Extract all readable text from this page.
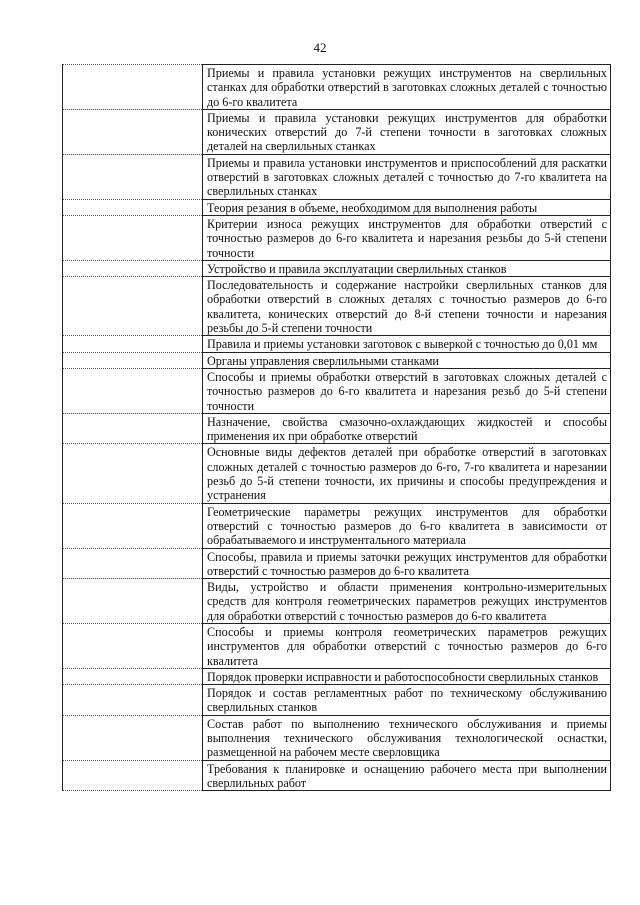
42

	Приемы и правила установки режущих инструментов на сверлильных станках для обработки отверстий в заготовках сложных деталей с точностью до 6-го квалитета

	Приемы и правила установки режущих инструментов для обработки конических отверстий до 7-й степени точности в заготовках сложных деталей на сверлильных станках

	Приемы и правила установки инструментов и приспособлений для раскатки отверстий в заготовках сложных деталей с точностью до 7-го квалитета на сверлильных станках

	Теория резания в объеме, необходимом для выполнения работы

	Критерии износа режущих инструментов для обработки отверстий с точностью размеров до 6-го квалитета и нарезания резьбы до 5-й степени точности

	Устройство и правила эксплуатации сверлильных станков

	Последовательность и содержание настройки сверлильных станков для обработки отверстий в сложных деталях с точностью размеров до 6-го квалитета, конических отверстий до 8-й степени точности и нарезания резьбы до 5-й степени точности

	Правила и приемы установки заготовок с выверкой с точностью до 0,01 мм

	Органы управления сверлильными станками

	Способы и приемы обработки отверстий в заготовках сложных деталей с точностью размеров до 6-го квалитета и нарезания резьб до 5-й степени точности

	Назначение, свойства смазочно-охлаждающих жидкостей и способы применения их при обработке отверстий

	Основные виды дефектов деталей при обработке отверстий в заготовках сложных деталей с точностью размеров до 6-го, 7-го квалитета и нарезании резьб до 5-й степени точности, их причины и способы предупреждения и устранения

	Геометрические параметры режущих инструментов для обработки отверстий с точностью размеров до 6-го квалитета в зависимости от обрабатываемого и инструментального материала

	Способы, правила и приемы заточки режущих инструментов для обработки отверстий с точностью размеров до 6-го квалитета

	Виды, устройство и области применения контрольно-измерительных средств для контроля геометрических параметров режущих инструментов для обработки отверстий с точностью размеров до 6-го квалитета

	Способы и приемы контроля геометрических параметров режущих инструментов для обработки отверстий с точностью размеров до 6-го квалитета

	Порядок проверки исправности и работоспособности сверлильных станков

	Порядок и состав регламентных работ по техническому обслуживанию сверлильных станков

	Состав работ по выполнению технического обслуживания и приемы выполнения технического обслуживания технологической оснастки, размещенной на рабочем месте сверловщика

	Требования к планировке и оснащению рабочего места при выполнении сверлильных работ
